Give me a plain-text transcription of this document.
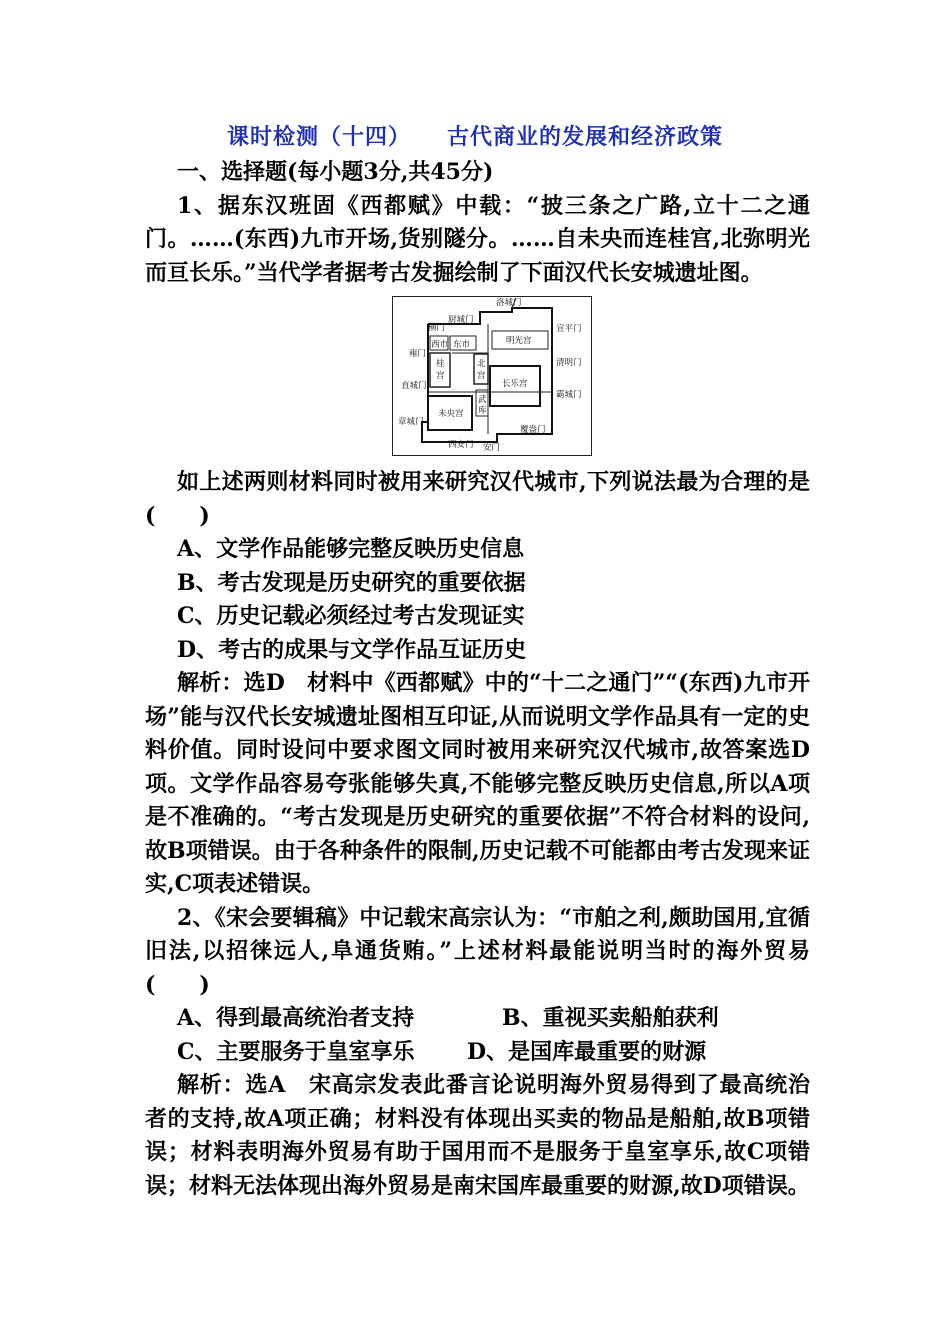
课时检测（十四） 古代商业的发展和经济政策

一、选择题(每小题3分,共45分)

1、据东汉班固《西都赋》中载：“披三条之广路,立十二之通门。……(东西)九市开场,货别隧分。……自未央而连桂宫,北弥明光而亘长乐。”当代学者据考古发掘绘制了下面汉代长安城遗址图。

洛城门
厨城门
横门	宣平门
雍门
清明门
直城门
霸城门
章城门
覆盎门
西安门 安门
西市 东市	明光宫
桂
宫
北
宫
长乐宫
武
库
未央宫

如上述两则材料同时被用来研究汉代城市,下列说法最为合理的是(　　)

A、文学作品能够完整反映历史信息

B、考古发现是历史研究的重要依据

C、历史记载必须经过考古发现证实

D、考古的成果与文学作品互证历史

解析：选D　材料中《西都赋》中的“十二之通门”“(东西)九市开场”能与汉代长安城遗址图相互印证,从而说明文学作品具有一定的史料价值。同时设问中要求图文同时被用来研究汉代城市,故答案选D项。文学作品容易夸张能够失真,不能够完整反映历史信息,所以A项是不准确的。“考古发现是历史研究的重要依据”不符合材料的设问,故B项错误。由于各种条件的限制,历史记载不可能都由考古发现来证实,C项表述错误。

2、《宋会要辑稿》中记载宋高宗认为：“市舶之利,颇助国用,宜循旧法,以招徕远人,阜通货贿。”上述材料最能说明当时的海外贸易(　　)

A、得到最高统治者支持	B、重视买卖船舶获利

C、主要服务于皇室享乐	D、是国库最重要的财源

解析：选A　宋高宗发表此番言论说明海外贸易得到了最高统治者的支持,故A项正确；材料没有体现出买卖的物品是船舶,故B项错误；材料表明海外贸易有助于国用而不是服务于皇室享乐,故C项错误；材料无法体现出海外贸易是南宋国库最重要的财源,故D项错误。
